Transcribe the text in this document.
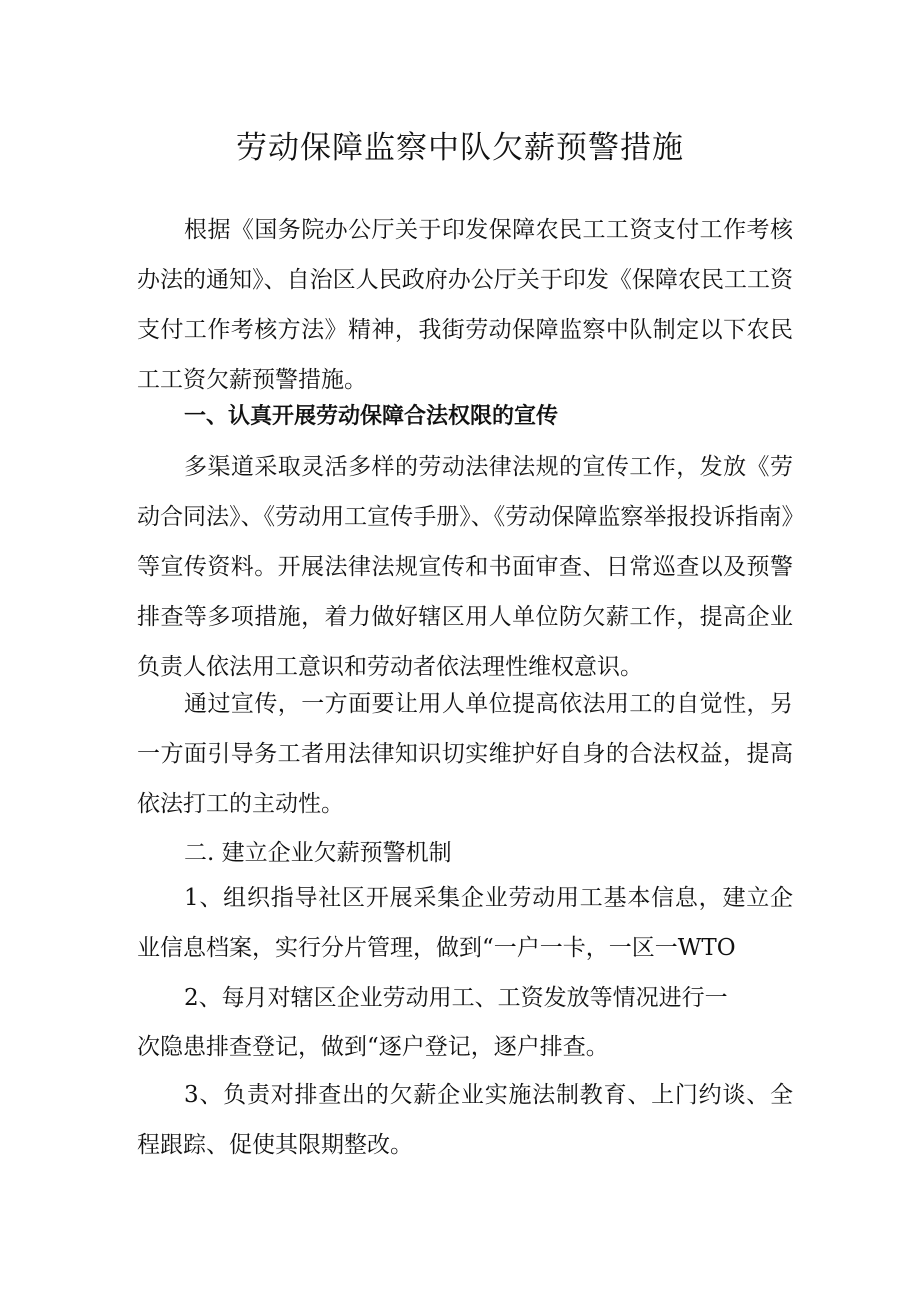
劳动保障监察中队欠薪预警措施

根据《国务院办公厅关于印发保障农民工工资支付工作考核办法的通知》、自治区人民政府办公厅关于印发《保障农民工工资支付工作考核方法》精神，我街劳动保障监察中队制定以下农民工工资欠薪预警措施。

一、认真开展劳动保障合法权限的宣传

多渠道采取灵活多样的劳动法律法规的宣传工作，发放《劳动合同法》、《劳动用工宣传手册》、《劳动保障监察举报投诉指南》等宣传资料。开展法律法规宣传和书面审查、日常巡查以及预警排查等多项措施，着力做好辖区用人单位防欠薪工作，提高企业负责人依法用工意识和劳动者依法理性维权意识。

通过宣传，一方面要让用人单位提高依法用工的自觉性，另一方面引导务工者用法律知识切实维护好自身的合法权益，提高依法打工的主动性。

二. 建立企业欠薪预警机制

1、组织指导社区开展采集企业劳动用工基本信息，建立企业信息档案，实行分片管理，做到“一户一卡，一区一WTO

2、每月对辖区企业劳动用工、工资发放等情况进行一

次隐患排查登记，做到“逐户登记，逐户排查。

3、负责对排查出的欠薪企业实施法制教育、上门约谈、全程跟踪、促使其限期整改。
